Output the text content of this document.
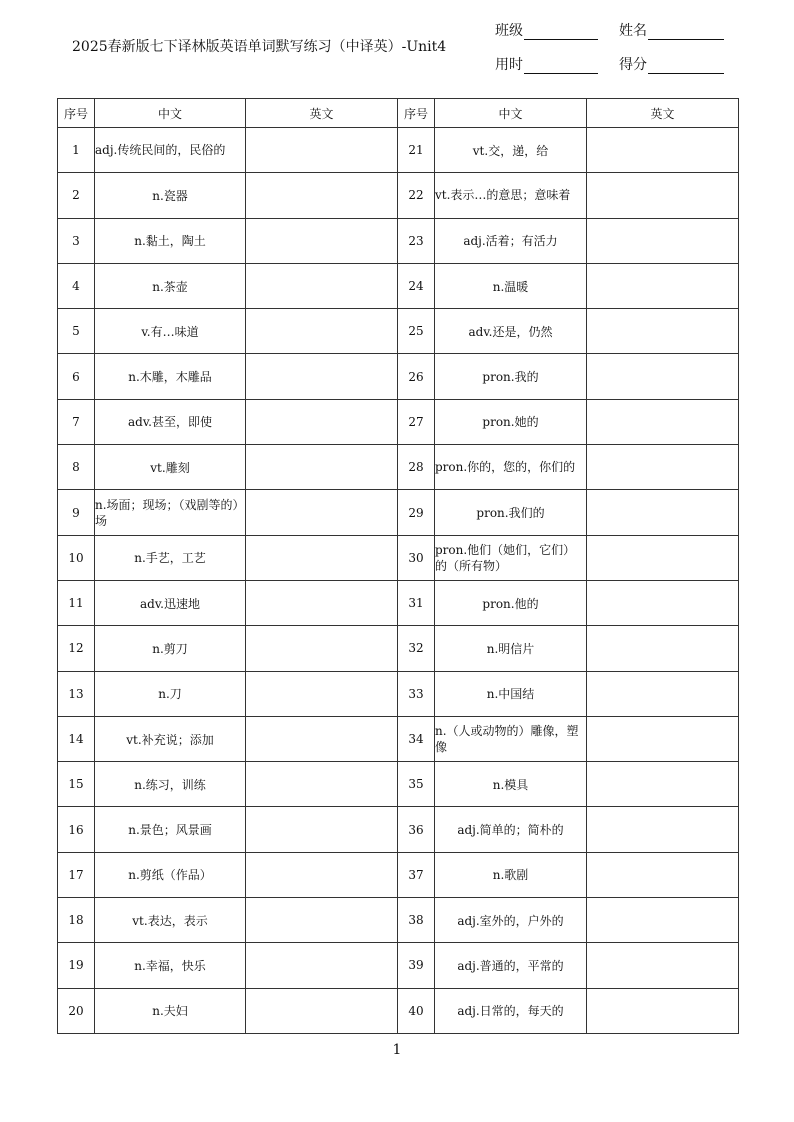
2025春新版七下译林版英语单词默写练习（中译英）-Unit4
班级	姓名
用时	得分
序号	中文	英文	序号	中文	英文
1	adj.传统民间的，民俗的		21	vt.交，递，给	
2	n.瓷器		22	vt.表示…的意思；意味着	
3	n.黏土，陶土		23	adj.活着；有活力	
4	n.茶壶		24	n.温暖	
5	v.有…味道		25	adv.还是，仍然	
6	n.木雕，木雕品		26	pron.我的	
7	adv.甚至，即使		27	pron.她的	
8	vt.雕刻		28	pron.你的，您的，你们的	
9	n.场面；现场；（戏剧等的）场		29	pron.我们的	
10	n.手艺，工艺		30	pron.他们（她们，它们）的（所有物）	
11	adv.迅速地		31	pron.他的	
12	n.剪刀		32	n.明信片	
13	n.刀		33	n.中国结	
14	vt.补充说；添加		34	n.（人或动物的）雕像，塑像	
15	n.练习，训练		35	n.模具	
16	n.景色；风景画		36	adj.简单的；简朴的	
17	n.剪纸（作品）		37	n.歌剧	
18	vt.表达，表示		38	adj.室外的，户外的	
19	n.幸福，快乐		39	adj.普通的，平常的	
20	n.夫妇		40	adj.日常的，每天的	
1
